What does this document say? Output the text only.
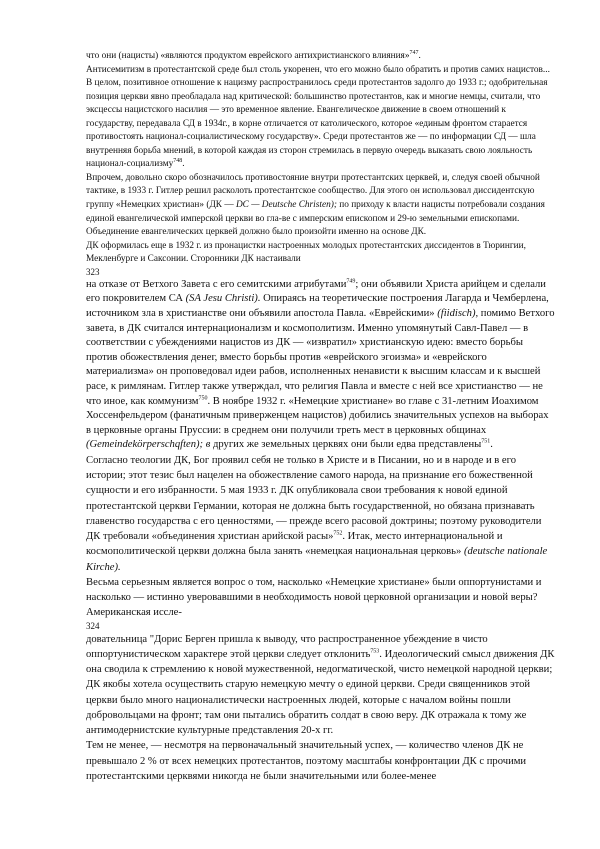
что они (нацисты) «являются продуктом еврейского антихристианского влияния»$^{747}$.

Антисемитизм в протестантской среде был столь укоренен, что его можно было обратить и против самих нацистов...

В целом, позитивное отношение к нацизму распространилось среди протестантов задолго до 1933 г.; одобрительная позиция церкви явно преобладала над критической: большинство протестантов, как и многие немцы, считали, что эксцессы нацистского насилия — это временное явление. Евангелическое движение в своем отношений к государству, передавала СД в 1934г., в корне отличается от католического, которое «единым фронтом старается противостоять национал-социалистическому государству». Среди протестантов же — по информации СД — шла внутренняя борьба мнений, в которой каждая из сторон стремилась в первую очередь выказать свою лояльность национал-социализму$^{748}$.

Впрочем, довольно скоро обозначилось противостояние внутри протестантских церквей, и, следуя своей обычной тактике, в 1933 г. Гитлер решил расколоть протестантское сообщество. Для этого он использовал диссидентскую группу «Немецких христиан» (ДК — DC — Deutsche Christen); по приходу к власти нацисты потребовали создания единой евангелической имперской церкви во гла-ве с имперским епископом и 29-ю земельными епископами. Объединение евангелических церквей должно было произойти именно на основе ДК.

ДК оформилась еще в 1932 г. из пронацистки настроенных молодых протестантских диссидентов в Тюрингии, Мекленбурге и Саксонии. Сторонники ДК настаивали

323

на отказе от Ветхого Завета с его семитскими атрибутами$^{749}$; они объявили Христа арийцем и сделали его покровителем СА (SA Jesu Christi). Опираясь на теоретические построения Лагарда и Чемберлена, источником зла в христианстве они объявили апостола Павла. «Еврейскими» (fiidisch), помимо Ветхого завета, в ДК считался интернационализм и космополитизм. Именно упомянутый Савл-Павел — в соответствии с убеждениями нацистов из ДК — «извратил» христианскую идею: вместо борьбы против обожествления денег, вместо борьбы против «еврейского эгоизма» и «еврейского материализма» он проповедовал идеи рабов, исполненных ненависти к высшим классам и к высшей расе, к римлянам. Гитлер также утверждал, что религия Павла и вместе с ней все христианство — не что иное, как коммунизм$^{750}$. В ноябре 1932 г. «Немецкие христиане» во главе с 31-летним Иоахимом Хоссенфельдером (фанатичным приверженцем нацистов) добились значительных успехов на выборах в церковные органы Пруссии: в среднем они получили треть мест в церковных общинах (Gemeindekörperschqften); в других же земельных церквях они были едва представлены$^{751}$.

Согласно теологии ДК, Бог проявил себя не только в Христе и в Писании, но и в народе и в его истории; этот тезис был нацелен на обожествление самого народа, на признание его божественной сущности и его избранности. 5 мая 1933 г. ДК опубликовала свои требования к новой единой протестантской церкви Германии, которая не должна быть государственной, но обязана признавать главенство государства с его ценностями, — прежде всего расовой доктрины; поэтому руководители ДК требовали «объединения христиан арийской расы»$^{752}$. Итак, место интернациональной и космополитической церкви должна была занять «немецкая национальная церковь» (deutsche nationale Kirche).

Весьма серьезным является вопрос о том, насколько «Немецкие христиане» были оппортунистами и насколько — истинно уверовавшими в необходимость новой церковной организации и новой веры? Американская иссле-

324

довательница "Дорис Берген пришла к выводу, что распространенное убеждение в чисто оппортунистическом характере этой церкви следует отклонить$^{753}$. Идеологический смысл движения ДК она сводила к стремлению к новой мужественной, недогматической, чисто немецкой народной церкви; ДК якобы хотела осуществить старую немецкую мечту о единой церкви. Среди священников этой церкви было много националистически настроенных людей, которые с началом войны пошли добровольцами на фронт; там они пытались обратить солдат в свою веру. ДК отражала к тому же антимодернистские культурные представления 20-х гг.

Тем не менее, — несмотря на первоначальный значительный успех, — количество членов ДК не превышало 2 % от всех немецких протестантов, поэтому масштабы конфронтации ДК с прочими протестантскими церквями никогда не были значительными или более-менее
